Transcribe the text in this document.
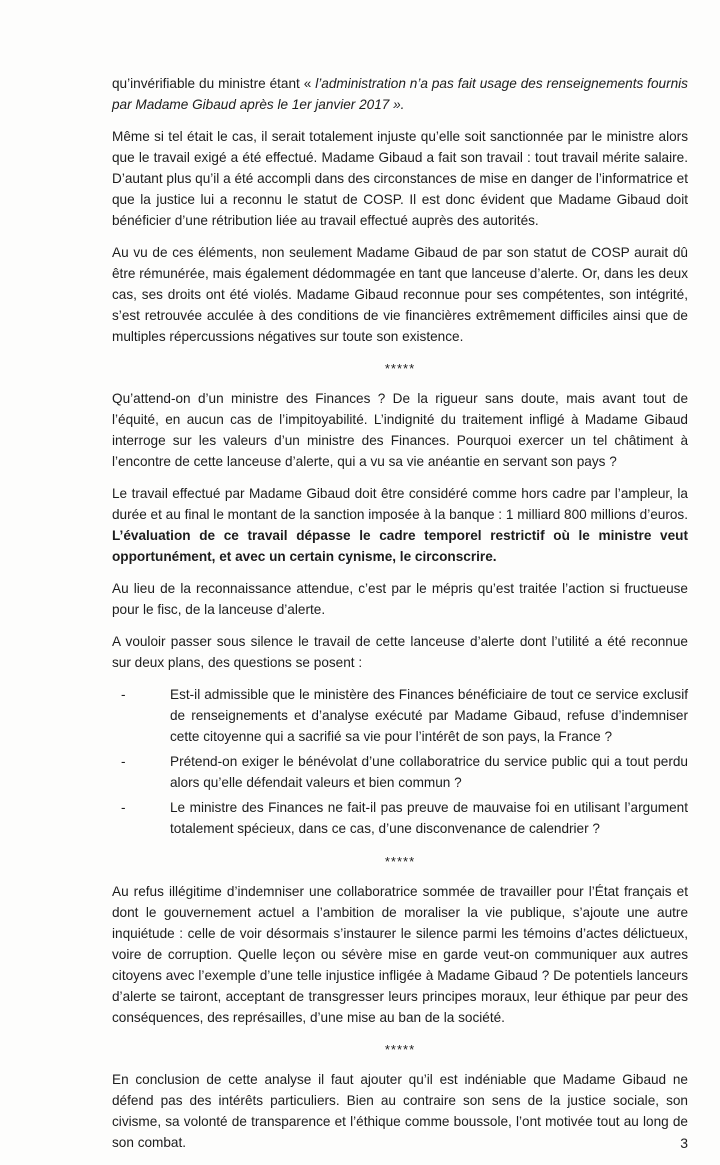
qu’invérifiable du ministre étant « l’administration n’a pas fait usage des renseignements fournis par Madame Gibaud après le 1er janvier 2017 ».

Même si tel était le cas, il serait totalement injuste qu’elle soit sanctionnée par le ministre alors que le travail exigé a été effectué. Madame Gibaud a fait son travail : tout travail mérite salaire. D’autant plus qu’il a été accompli dans des circonstances de mise en danger de l’informatrice et que la justice lui a reconnu le statut de COSP. Il est donc évident que Madame Gibaud doit bénéficier d’une rétribution liée au travail effectué auprès des autorités.

Au vu de ces éléments, non seulement Madame Gibaud de par son statut de COSP aurait dû être rémunérée, mais également dédommagée en tant que lanceuse d’alerte. Or, dans les deux cas, ses droits ont été violés. Madame Gibaud reconnue pour ses compétentes, son intégrité, s’est retrouvée acculée à des conditions de vie financières extrêmement difficiles ainsi que de multiples répercussions négatives sur toute son existence.

*****

Qu’attend-on d’un ministre des Finances ? De la rigueur sans doute, mais avant tout de l’équité, en aucun cas de l’impitoyabilité. L’indignité du traitement infligé à Madame Gibaud interroge sur les valeurs d’un ministre des Finances. Pourquoi exercer un tel châtiment à l’encontre de cette lanceuse d’alerte, qui a vu sa vie anéantie en servant son pays ?

Le travail effectué par Madame Gibaud doit être considéré comme hors cadre par l’ampleur, la durée et au final le montant de la sanction imposée à la banque : 1 milliard 800 millions d’euros. L’évaluation de ce travail dépasse le cadre temporel restrictif où le ministre veut opportunément, et avec un certain cynisme, le circonscrire.

Au lieu de la reconnaissance attendue, c’est par le mépris qu’est traitée l’action si fructueuse pour le fisc, de la lanceuse d’alerte.

A vouloir passer sous silence le travail de cette lanceuse d’alerte dont l’utilité a été reconnue sur deux plans, des questions se posent :

-	Est-il admissible que le ministère des Finances bénéficiaire de tout ce service exclusif de renseignements et d’analyse exécuté par Madame Gibaud, refuse d’indemniser cette citoyenne qui a sacrifié sa vie pour l’intérêt de son pays, la France ?
-	Prétend-on exiger le bénévolat d’une collaboratrice du service public qui a tout perdu alors qu’elle défendait valeurs et bien commun ?
-	Le ministre des Finances ne fait-il pas preuve de mauvaise foi en utilisant l’argument totalement spécieux, dans ce cas, d’une disconvenance de calendrier ?
*****

Au refus illégitime d’indemniser une collaboratrice sommée de travailler pour l’État français et dont le gouvernement actuel a l’ambition de moraliser la vie publique, s’ajoute une autre inquiétude : celle de voir désormais s’instaurer le silence parmi les témoins d’actes délictueux, voire de corruption. Quelle leçon ou sévère mise en garde veut-on communiquer aux autres citoyens avec l’exemple d’une telle injustice infligée à Madame Gibaud ? De potentiels lanceurs d’alerte se tairont, acceptant de transgresser leurs principes moraux, leur éthique par peur des conséquences, des représailles, d’une mise au ban de la société.

*****

En conclusion de cette analyse il faut ajouter qu’il est indéniable que Madame Gibaud ne défend pas des intérêts particuliers. Bien au contraire son sens de la justice sociale, son civisme, sa volonté de transparence et l’éthique comme boussole, l’ont motivée tout au long de son combat.	3
